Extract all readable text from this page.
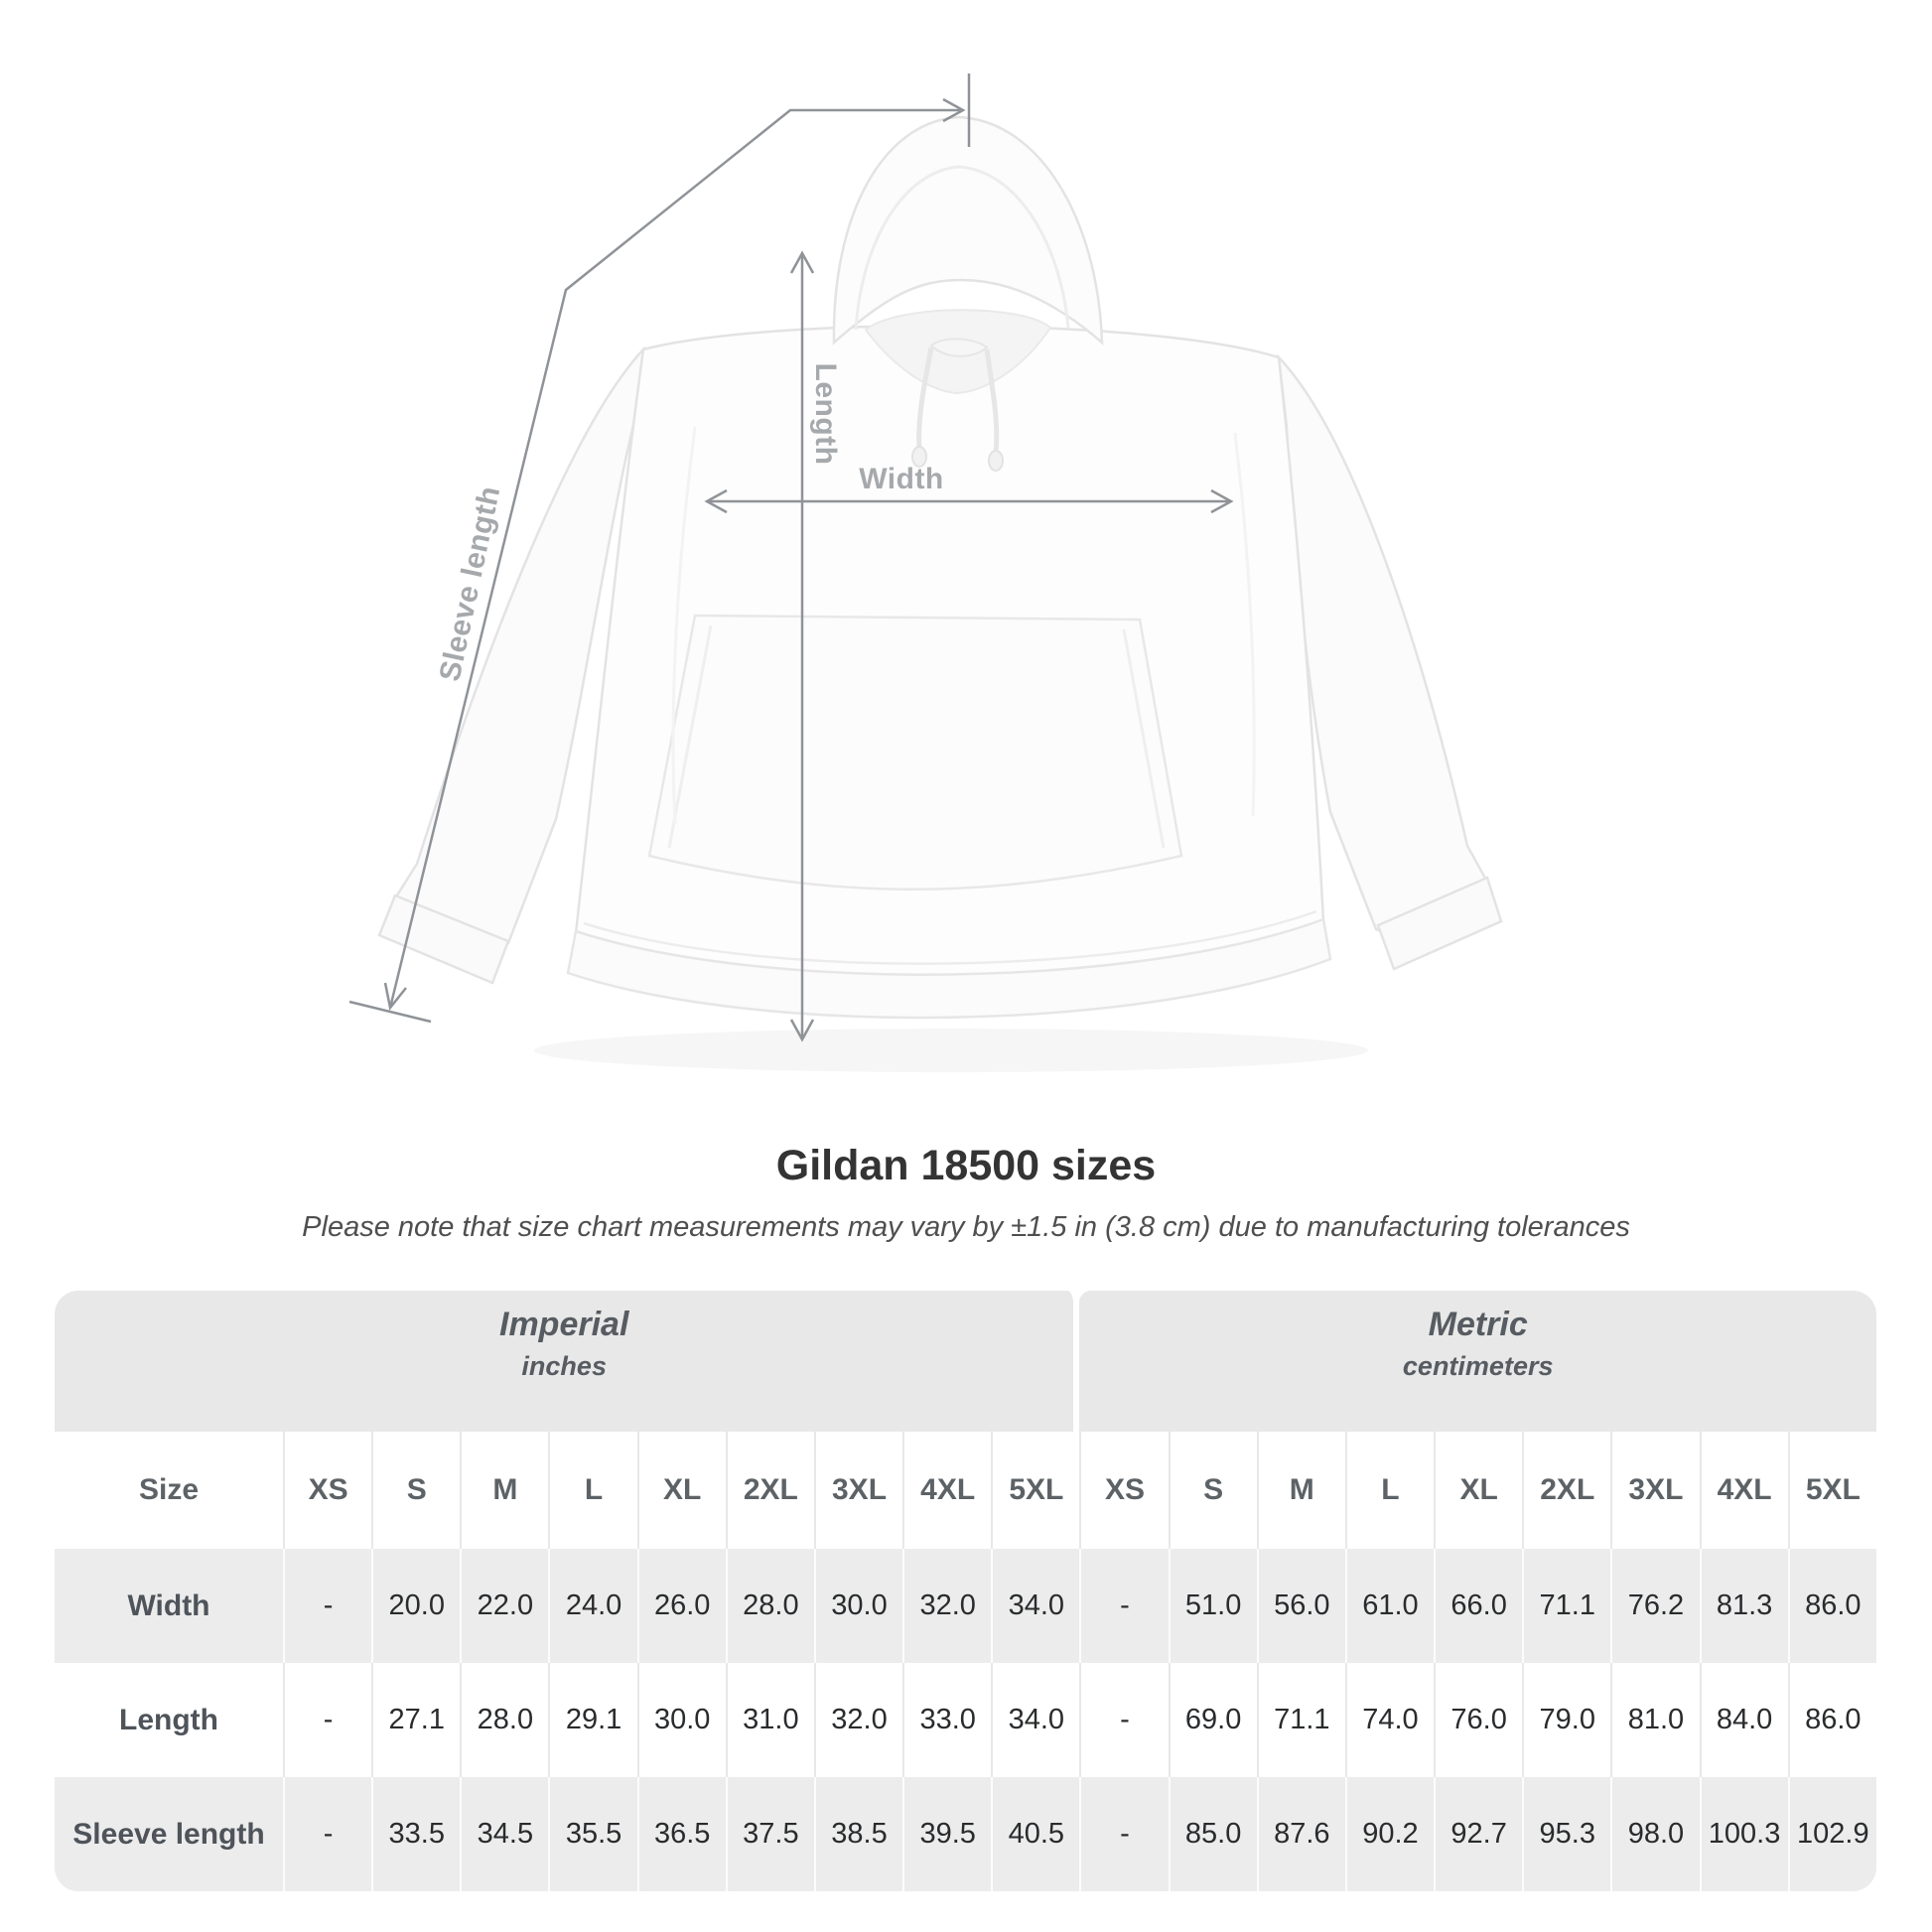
Sleeve length
Length
Width
Gildan 18500 sizes
Please note that size chart measurements may vary by ±1.5 in (3.8 cm) due to manufacturing tolerances
Imperial
inches

Metric
centimeters

Size	XS	S	M	L	XL	2XL	3XL	4XL	5XL	XS	S	M	L	XL	2XL	3XL	4XL	5XL
Width	-	20.0	22.0	24.0	26.0	28.0	30.0	32.0	34.0	-	51.0	56.0	61.0	66.0	71.1	76.2	81.3	86.0
Length	-	27.1	28.0	29.1	30.0	31.0	32.0	33.0	34.0	-	69.0	71.1	74.0	76.0	79.0	81.0	84.0	86.0
Sleeve length	-	33.5	34.5	35.5	36.5	37.5	38.5	39.5	40.5	-	85.0	87.6	90.2	92.7	95.3	98.0	100.3	102.9
